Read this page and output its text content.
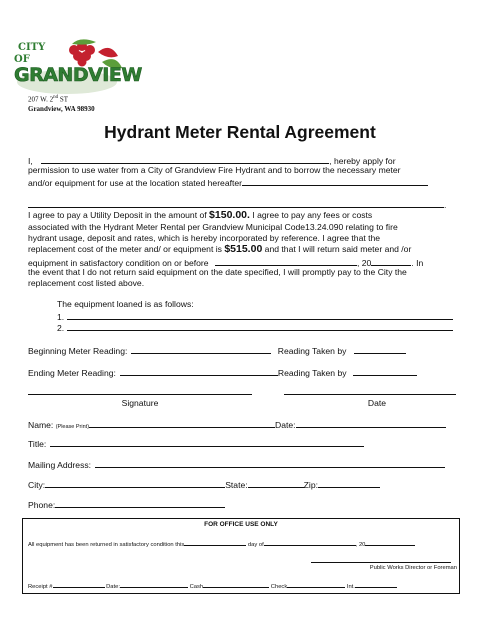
CITY
OF
GRANDVIEW
207 W. 2nd ST
Grandview, WA 98930
Hydrant Meter Rental Agreement
I,	, hereby apply for
permission to use water from a City of Grandview Fire Hydrant and to borrow the necessary meter
and/or equipment for use at the location stated hereafter
.
I agree to pay a Utility Deposit in the amount of $150.00. I agree to pay any fees or costs
associated with the Hydrant Meter Rental per Grandview Municipal Code13.24.090 relating to fire
hydrant usage, deposit and rates, which is hereby incorporated by reference. I agree that the
replacement cost of the meter and/ or equipment is $515.00 and that I will return said meter and /or
equipment in satisfactory condition on or before	, 20	. In
the event that I do not return said equipment on the date specified, I will promptly pay to the City the
replacement cost listed above.
The equipment loaned is as follows:
1.
2.
Beginning Meter Reading:	Reading Taken by
Ending Meter Reading:	Reading Taken by
Signature	Date
Name: (Please Print)	Date:
Title:
Mailing Address:
City:	State:	Zip:
Phone:
FOR OFFICE USE ONLY
All equipment has been returned in satisfactory condition this	day of	, 20
Public Works Director or Foreman
Receipt #	Date:	Cash	Check	Int.
